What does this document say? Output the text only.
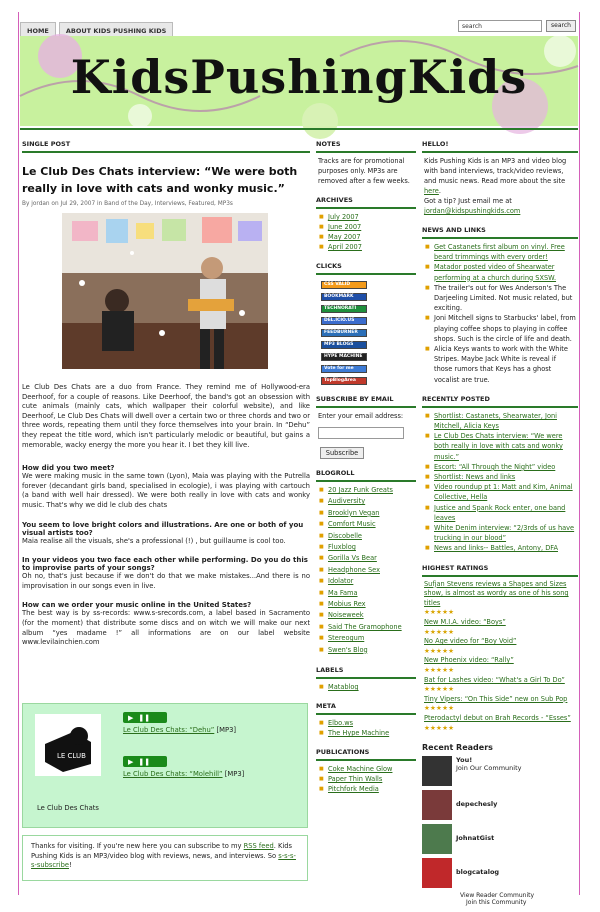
HOME	ABOUT KIDS PUSHING KIDS
search	search
KidsPushingKids
SINGLE POST
Le Club Des Chats interview: “We were both really in love with cats and wonky music.”
By jordan on Jul 29, 2007 in Band of the Day, Interviews, Featured, MP3s
Le Club Des Chats are a duo from France. They remind me of Hollywood-era Deerhoof, for a couple of reasons. Like Deerhoof, the band's got an obsession with cute animals (mainly cats, which wallpaper their colorful website), and like Deerhoof, Le Club Des Chats will dwell over a certain two or three chords and two or three words, repeating them until they force themselves into your brain. In “Dehu” they repeat the title word, which isn't particularly melodic or beautiful, but gains a memorable, wacky energy the more you hear it. I bet they kill live.
How did you two meet?
We were making music in the same town (Lyon), Maia was playing with the Putrella forever (decandant girls band, specialised in ecologie), i was playing with cartouch (a band with well hair dressed). We were both really in love with cats and wonky music. That's why we did le club des chats
You seem to love bright colors and illustrations. Are one or both of you visual artists too?
Maia realise all the visuals, she's a professional (!) , but guillaume is cool too.
In your videos you two face each other while performing. Do you do this to improvise parts of your songs?
Oh no, that's just because if we don't do that we make mistakes...And there is no improvisation in our songs even in live.
How can we order your music online in the United States?
The best way is by ss-records: www.s-srecords.com, a label based in Sacramento (for the moment) that distribute some discs and on witch we will make our next album “yes madame !” all informations are on our label website www.levilainchien.com
LE CLUB
Le Club Des Chats
▶ ❚❚
Le Club Des Chats: “Dehu” [MP3]
▶ ❚❚
Le Club Des Chats: “Molehill” [MP3]
Thanks for visiting. If you're new here you can subscribe to my RSS feed. Kids Pushing Kids is an MP3/video blog with reviews, news, and interviews. So s-s-s-s-subscribe!
NOTES
Tracks are for promotional purposes only. MP3s are removed after a few weeks.
ARCHIVES
■ July 2007
■ June 2007
■ May 2007
■ April 2007
CLICKS
CSS VALID
BOOKMARK
TECHNORATI
DEL.ICIO.US
FEEDBURNER
MP3 BLOGS
HYPE MACHINE
Vote for me
TopBlogArea
SUBSCRIBE BY EMAIL
Enter your email address:
Subscribe
BLOGROLL
■ 20 Jazz Funk Greats
■ Audiversity
■ Brooklyn Vegan
■ Comfort Music
■ Discobelle
■ Fluxblog
■ Gorilla Vs Bear
■ Headphone Sex
■ Idolator
■ Ma Fama
■ Mobius Rex
■ Noiseweek
■ Said The Gramophone
■ Stereogum
■ Swen's Blog
LABELS
■ Matablog
META
■ Elbo.ws
■ The Hype Machine
PUBLICATIONS
■ Coke Machine Glow
■ Paper Thin Walls
■ Pitchfork Media
HELLO!
Kids Pushing Kids is an MP3 and video blog with band interviews, track/video reviews, and music news. Read more about the site here.
Got a tip? Just email me at
jordan@kidspushingkids.com
NEWS AND LINKS
■ Get Castanets first album on vinyl. Free beard trimmings with every order!
■ Matador posted video of Shearwater performing at a church during SXSW.
■ The trailer's out for Wes Anderson's The Darjeeling Limited. Not music related, but exciting.
■ Joni Mitchell signs to Starbucks' label, from playing coffee shops to playing in coffee shops. Such is the circle of life and death.
■ Alicia Keys wants to work with the White Stripes. Maybe Jack White is reveal if those rumors that Keys has a ghost vocalist are true.
RECENTLY POSTED
■ Shortlist: Castanets, Shearwater, Joni Mitchell, Alicia Keys
■ Le Club Des Chats interview: “We were both really in love with cats and wonky music.”
■ Escort: “All Through the Night” video
■ Shortlist: News and links
■ Video roundup pt 1: Matt and Kim, Animal Collective, Hella
■ Justice and Spank Rock enter, one band leaves
■ White Denim interview: “2/3rds of us have trucking in our blood”
■ News and links-- Battles, Antony, DFA
HIGHEST RATINGS
Sufjan Stevens reviews a Shapes and Sizes show, is almost as wordy as one of his song titles
★★★★★
New M.I.A. video: “Boys”
★★★★★
No Age video for “Boy Void”
★★★★★
New Phoenix video: “Rally”
★★★★★
Bat for Lashes video: “What's a Girl To Do”
★★★★★
Tiny Vipers: “On This Side” new on Sub Pop
★★★★★
Pterodactyl debut on Brah Records - “Esses”
★★★★★
Recent Readers
You!
Join Our Community
depechesly
JohnatGist
blogcatalog
View Reader Community
Join this Community
